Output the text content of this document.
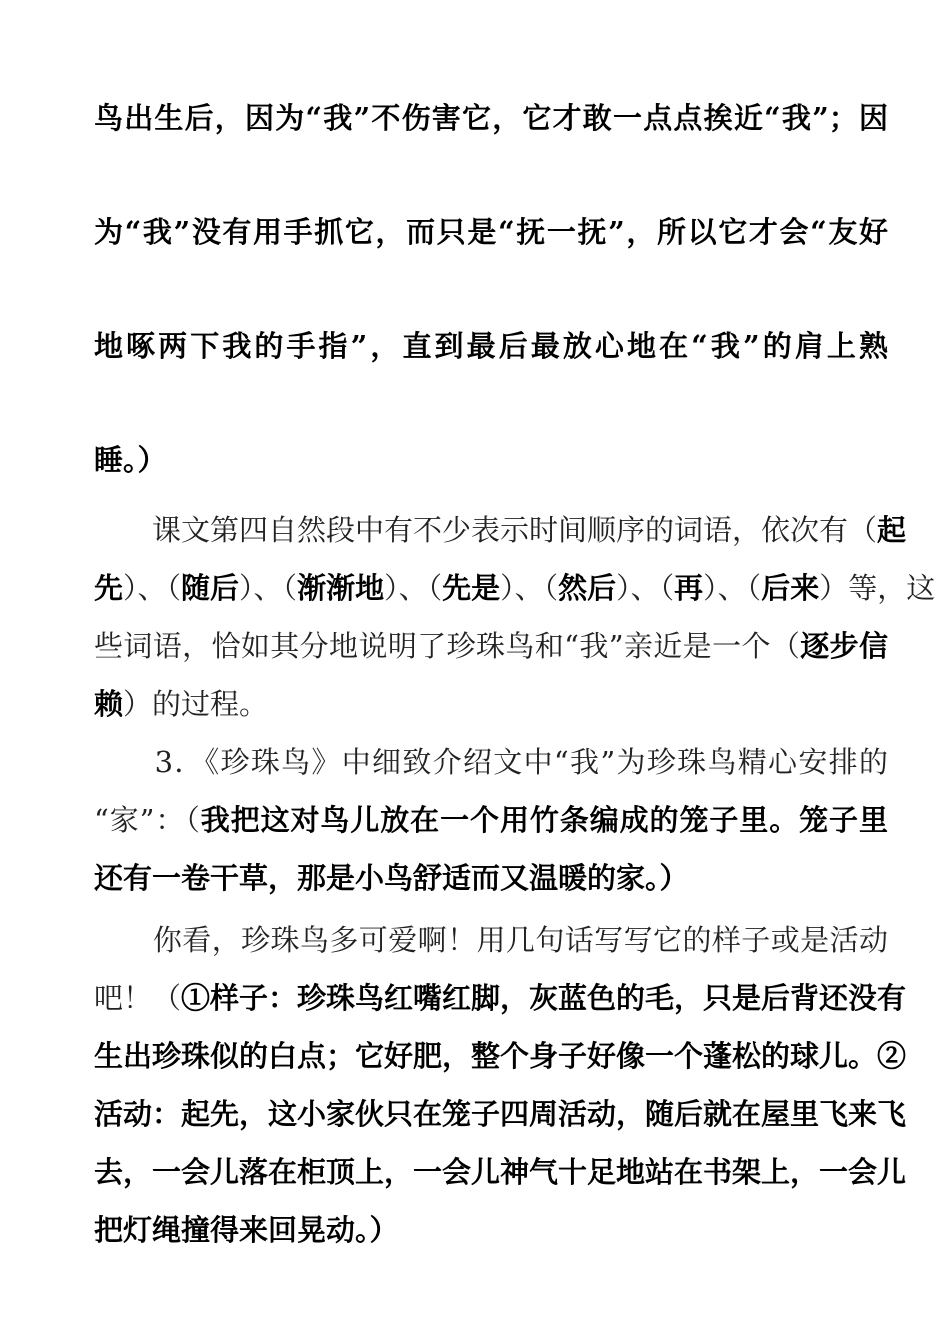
鸟出生后，因为“我”不伤害它，它才敢一点点挨近“我”；因
为“我”没有用手抓它，而只是“抚一抚”，所以它才会“友好
地啄两下我的手指”，直到最后最放心地在“我”的肩上熟
睡。）
　　课文第四自然段中有不少表示时间顺序的词语，依次有（起
先）、（随后）、（渐渐地）、（先是）、（然后）、（再）、（后来）等，这
些词语，恰如其分地说明了珍珠鸟和“我”亲近是一个（逐步信
赖）的过程。
　　3．《珍珠鸟》中细致介绍文中“我”为珍珠鸟精心安排的
“家”：（我把这对鸟儿放在一个用竹条编成的笼子里。笼子里
还有一卷干草，那是小鸟舒适而又温暖的家。）
　　你看，珍珠鸟多可爱啊！用几句话写写它的样子或是活动
吧！（①样子：珍珠鸟红嘴红脚，灰蓝色的毛，只是后背还没有
生出珍珠似的白点；它好肥，整个身子好像一个蓬松的球儿。②
活动：起先，这小家伙只在笼子四周活动，随后就在屋里飞来飞
去，一会儿落在柜顶上，一会儿神气十足地站在书架上，一会儿
把灯绳撞得来回晃动。）
